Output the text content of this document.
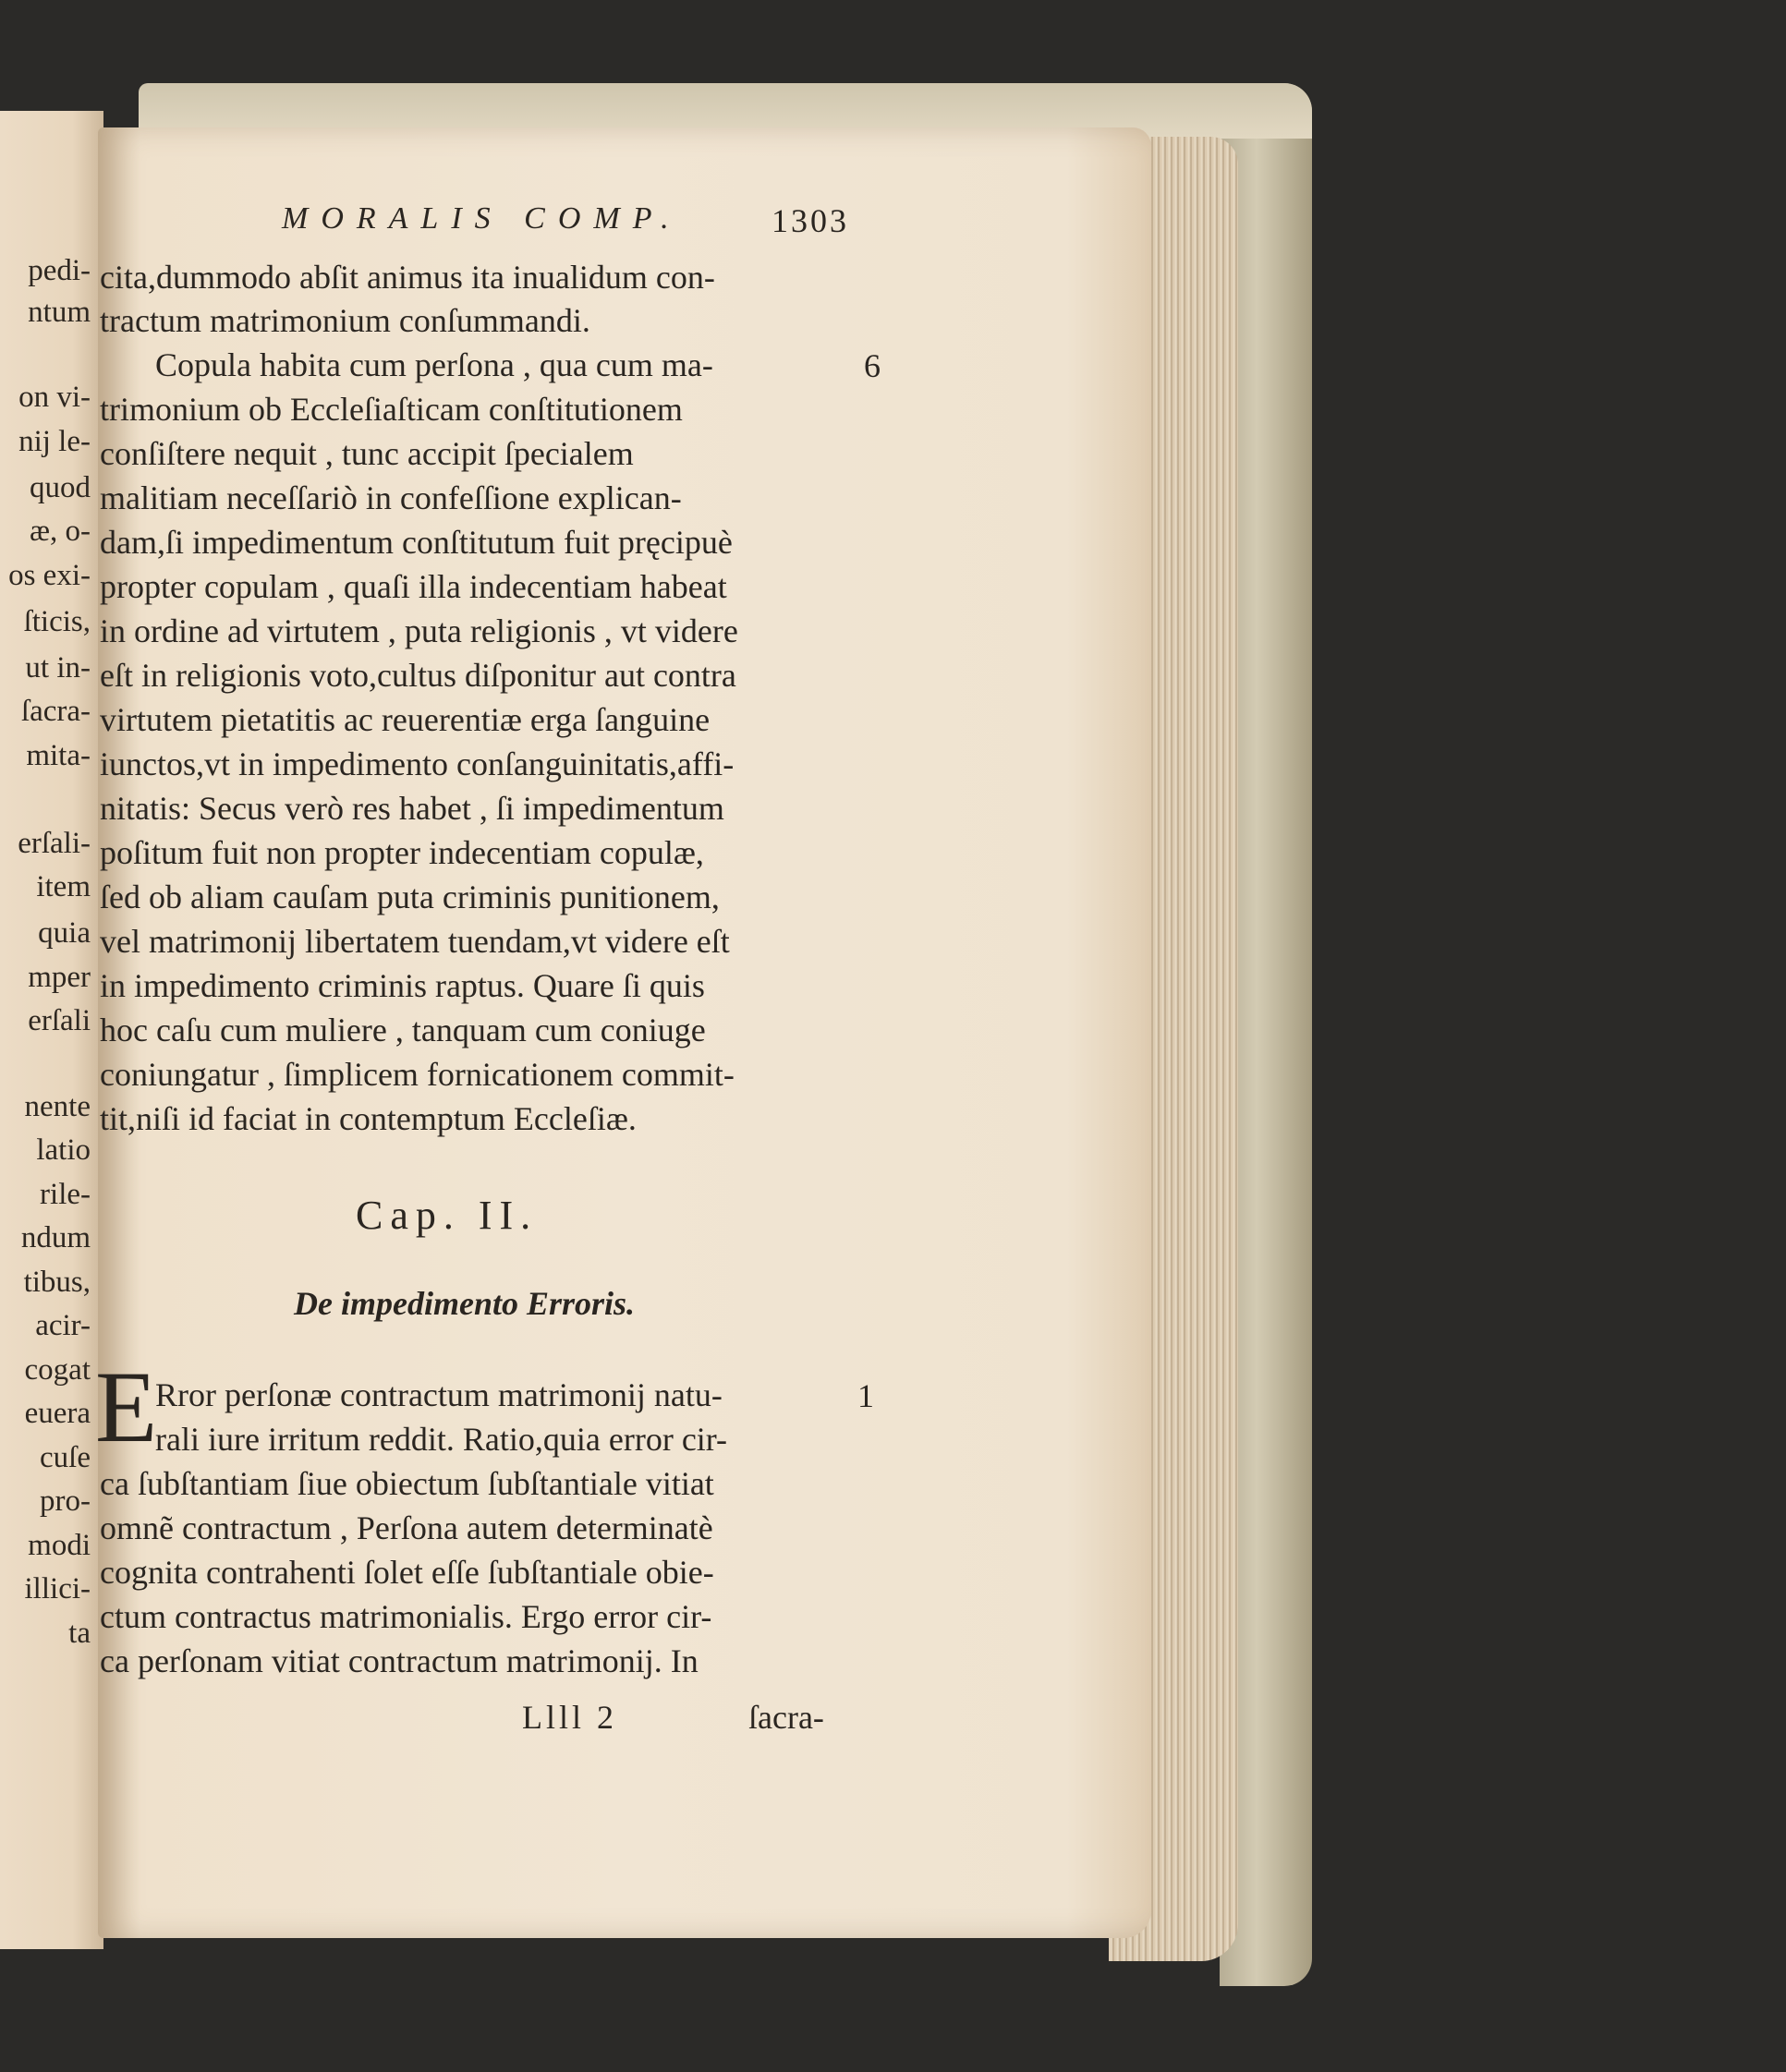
pedi-
ntum
on vi-
nij le-
quod
æ, o-
os exi-
ſticis,
ut in-
ſacra-
mita-
erſali-
item
quia
mper
erſali
nente
latio
rile-
ndum
tibus,
acir-
cogat
euera
cuſe
pro-
modi
illici-
ta
MORALIS COMP.	1303
cita,dummodo abſit animus ita inualidum con-
tractum matrimonium conſummandi.
Copula habita cum perſona , qua cum ma-
trimonium ob Eccleſiaſticam conſtitutionem
conſiſtere nequit , tunc accipit ſpecialem
malitiam neceſſariò in confeſſione explican-
dam,ſi impedimentum conſtitutum fuit pręcipuè
propter copulam , quaſi illa indecentiam habeat
in ordine ad virtutem , puta religionis , vt videre
eſt in religionis voto,cultus diſponitur aut contra
virtutem pietatitis ac reuerentiæ erga ſanguine
iunctos,vt in impedimento conſanguinitatis,affi-
nitatis: Secus verò res habet , ſi impedimentum
poſitum fuit non propter indecentiam copulæ,
ſed ob aliam cauſam puta criminis punitionem,
vel matrimonij libertatem tuendam,vt videre eſt
in impedimento criminis raptus. Quare ſi quis
hoc caſu cum muliere , tanquam cum coniuge
coniungatur , ſimplicem fornicationem commit-
tit,niſi id faciat in contemptum Eccleſiæ.
6
Cap. II.
De impedimento Erroris.
E
Rror perſonæ contractum matrimonij natu-
rali iure irritum reddit. Ratio,quia error cir-
ca ſubſtantiam ſiue obiectum ſubſtantiale vitiat
omnẽ contractum , Perſona autem determinatè
cognita contrahenti ſolet eſſe ſubſtantiale obie-
ctum contractus matrimonialis. Ergo error cir-
ca perſonam vitiat contractum matrimonij. In
1
Llll 2	ſacra-
